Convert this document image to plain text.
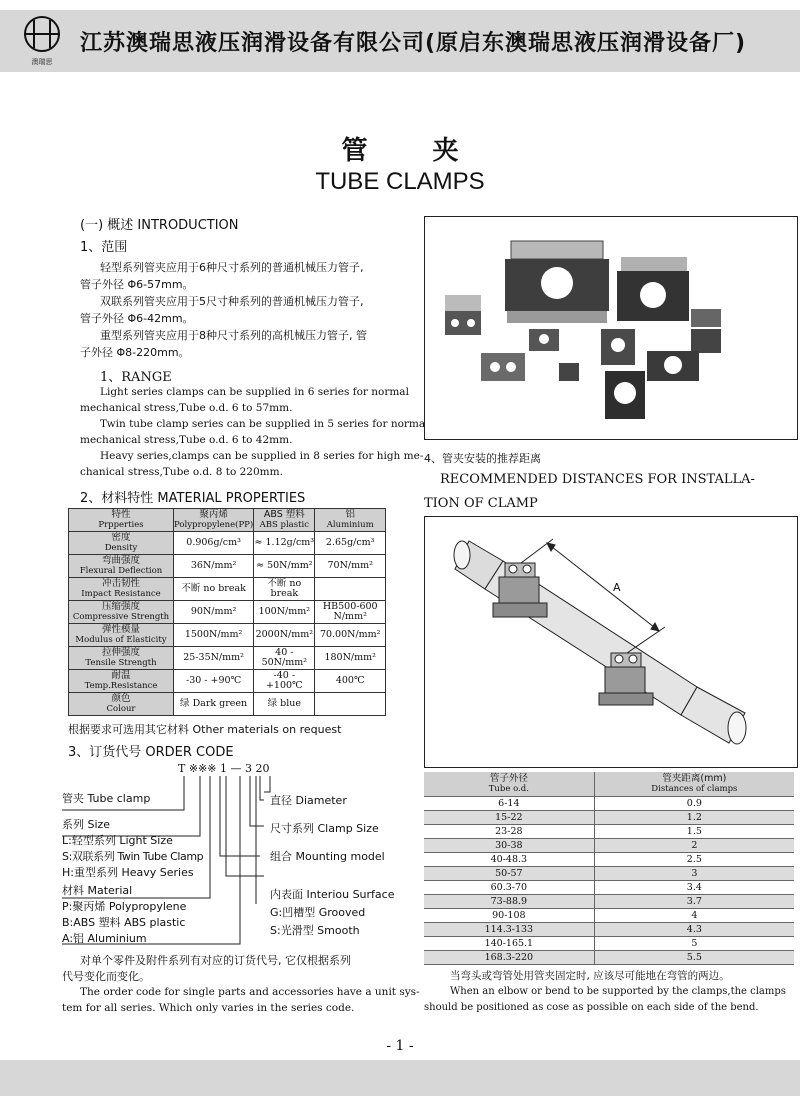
澳瑞思
江苏澳瑞思液压润滑设备有限公司(原启东澳瑞思液压润滑设备厂)
管 夹
TUBE CLAMPS
(一) 概述 INTRODUCTION
1、范围
轻型系列管夹应用于6种尺寸系列的普通机械压力管子,
管子外径 Φ6-57mm。
双联系列管夹应用于5尺寸种系列的普通机械压力管子,
管子外径 Φ6-42mm。
重型系列管夹应用于8种尺寸系列的高机械压力管子, 管
子外径 Φ8-220mm。
1、RANGE
Light series clamps can be supplied in 6 series for normal
mechanical stress,Tube o.d. 6 to 57mm.
Twin tube clamp series can be supplied in 5 series for normal
mechanical stress,Tube o.d. 6 to 42mm.
Heavy series,clamps can be supplied in 8 series for high me-
chanical stress,Tube o.d. 8 to 220mm.
2、材料特性 MATERIAL PROPERTIES
特性
Prpperties	聚丙烯
Polypropylene(PP)	ABS 塑料
ABS plastic	铝
Aluminium

密度
Density	0.906g/cm³	≈ 1.12g/cm³	2.65g/cm³

弯曲强度
Flexural Deflection	36N/mm²	≈ 50N/mm²	70N/mm²

冲击韧性
Impact Resistance	不断 no break	不断 no break	

压缩强度
Compressive Strength	90N/mm²	100N/mm²	HB500-600 N/mm²

弹性模量
Modulus of Elasticity	1500N/mm²	2000N/mm²	70.00N/mm²

拉伸强度
Tensile Strength	25-35N/mm²	40 - 50N/mm²	180N/mm²

耐温
Temp.Resistance	-30 - +90℃	-40 - +100℃	400℃

颜色
Colour	绿 Dark green	绿 blue	
根据要求可选用其它材料 Other materials on request
3、订货代号 ORDER CODE
T ※※※ 1 — 3 20
管夹 Tube clamp
系列 Size
L:轻型系列 Light Size
S:双联系列 Twin Tube Clamp
H:重型系列 Heavy Series
材料 Material
P:聚丙烯 Polypropylene
B:ABS 塑料 ABS plastic
A:铝 Aluminium
直径 Diameter
尺寸系列 Clamp Size
组合 Mounting model
内表面 Interiou Surface
G:凹槽型 Grooved
S:光滑型 Smooth
对单个零件及附件系列有对应的订货代号, 它仅根据系列
代号变化而变化。
The order code for single parts and accessories have a unit sys-
tem for all series. Which only varies in the series code.
4、管夹安装的推荐距离
RECOMMENDED DISTANCES FOR INSTALLA-
TION OF CLAMP
A
管子外径
Tube o.d.	管夹距离(mm)
Distances of clamps

6-14	0.9
15-22	1.2
23-28	1.5
30-38	2
40-48.3	2.5
50-57	3
60.3-70	3.4
73-88.9	3.7
90-108	4
114.3-133	4.3
140-165.1	5
168.3-220	5.5
当弯头或弯管处用管夹固定时, 应该尽可能地在弯管的两边。
When an elbow or bend to be supported by the clamps,the clamps
should be positioned as cose as possible on each side of the bend.
- 1 -
